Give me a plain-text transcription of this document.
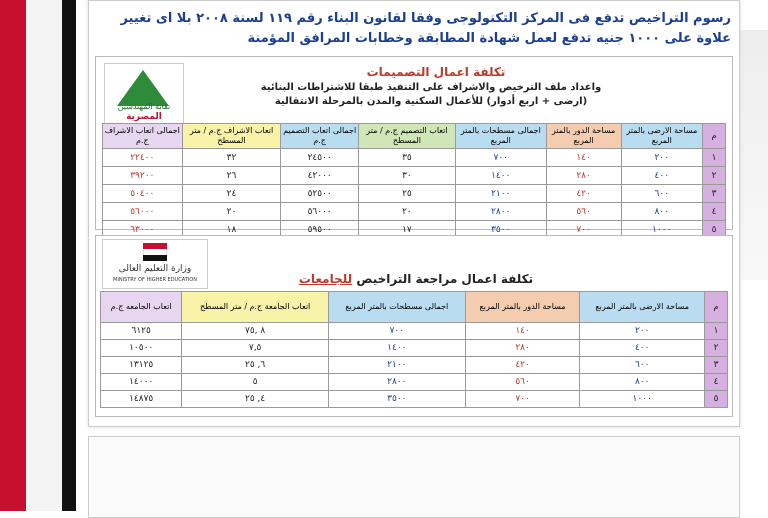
رسوم التراخيص تدفع فى المركز التكنولوجى وفقا لقانون البناء رقم ١١٩ لسنة ٢٠٠٨ بلا اى تغيير
علاوة على ١٠٠٠ جنيه تدفع لعمل شهادة المطابقة وخطابات المرافق المؤمنة
نقابة المهندسين
المصرية
تكلفة اعمال التصميمات
واعداد ملف الترخيص والاشراف على التنفيذ طبقا للاشتراطات البنائية
(ارضى + اربع أدوار) للأعمال السكنية والمدن بالمرحلة الانتقالية
م	مساحة الارضى بالمتر المربع	مساحة الدور بالمتر المربع	اجمالى مسطحات بالمتر المربع	اتعاب التصميم ج.م / متر المسطح	اجمالى اتعاب التصميم ج.م	اتعاب الاشراف ج.م / متر المسطح	اجمالى اتعاب الاشراف ج.م
١	٢٠٠	١٤٠	٧٠٠	٣٥	٢٤٥٠٠	٣٢	٢٢٤٠٠
٢	٤٠٠	٢٨٠	١٤٠٠	٣٠	٤٢٠٠٠	٢٦	٣٩٢٠٠
٣	٦٠٠	٤٢٠	٢١٠٠	٢٥	٥٢٥٠٠	٢٤	٥٠٤٠٠
٤	٨٠٠	٥٦٠	٢٨٠٠	٢٠	٥٦٠٠٠	٢٠	٥٦٠٠٠
٥	١٠٠٠	٧٠٠	٣٥٠٠	١٧	٥٩٥٠٠	١٨	٦٣٠٠٠
وزارة التعليم العالى
MINISTRY OF HIGHER EDUCATION	تكلفة اعمال مراجعة التراخيص للجامعات
م	مساحة الارضى بالمتر المربع	مساحة الدور بالمتر المربع	اجمالى مسطحات بالمتر المربع	اتعاب الجامعة ج.م / متر المسطح	اتعاب الجامعه ج.م
١	٢٠٠	١٤٠	٧٠٠	٨ ,٧٥	٦١٢٥
٢	٤٠٠	٢٨٠	١٤٠٠	٧,٥	١٠٥٠٠
٣	٦٠٠	٤٢٠	٢١٠٠	٦, ٢٥	١٣١٢٥
٤	٨٠٠	٥٦٠	٢٨٠٠	٥	١٤٠٠٠
٥	١٠٠٠	٧٠٠	٣٥٠٠	٤, ٢٥	١٤٨٧٥
